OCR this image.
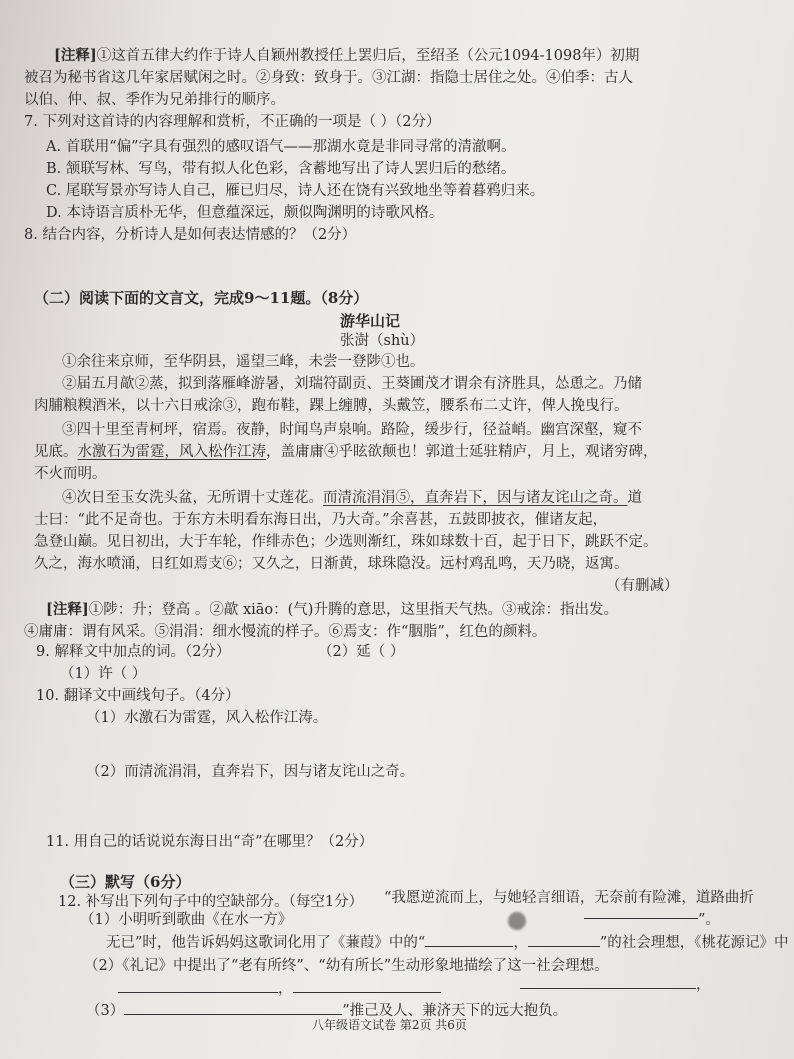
[注释]①这首五律大约作于诗人自颖州教授任上罢归后，至绍圣（公元1094-1098年）初期
被召为秘书省这几年家居赋闲之时。②身致：致身于。③江湖：指隐士居住之处。④伯季：古人
以伯、仲、叔、季作为兄弟排行的顺序。
7. 下列对这首诗的内容理解和赏析，不正确的一项是（ ）（2分）
A. 首联用“偏”字具有强烈的感叹语气——那湖水竟是非同寻常的清澈啊。
B. 颔联写林、写鸟，带有拟人化色彩，含蓄地写出了诗人罢归后的愁绪。
C. 尾联写景亦写诗人自己，雁已归尽，诗人还在饶有兴致地坐等着暮鸦归来。
D. 本诗语言质朴无华，但意蕴深远，颇似陶渊明的诗歌风格。
8. 结合内容，分析诗人是如何表达情感的？（2分）
（二）阅读下面的文言文，完成9～11题。（8分）
游华山记
张澍（shù）
①余往来京师，至华阴县，遥望三峰，未尝一登陟①也。
②届五月歊②蒸，拟到落雁峰游暑，刘瑞符副贡、王葵圃茂才谓余有济胜具，怂恿之。乃储
肉脯粮糗酒米，以十六日戒涂③，跑布鞋，踝上缠膊，头戴笠，腰系布二丈许，俾人挽曳行。
③四十里至青柯坪，宿焉。夜静，时闻鸟声泉响。路险，缓步行，径益峭。幽宫深壑，窥不
见底。水激石为雷霆，风入松作江涛，盖庸庸④乎眩欲颠也！郭道士延驻精庐，月上，观诸穷碑，
不火而明。
④次日至玉女洗头盆，无所谓十丈莲花。而清流涓涓⑤，直奔岩下，因与诸友诧山之奇。道
士曰：“此不足奇也。于东方未明看东海日出，乃大奇。”余喜甚，五鼓即披衣，催诸友起，
急登山巅。见日初出，大于车轮，作绯赤色；少选则渐红，珠如球数十百，起于日下，跳跃不定。
久之，海水喷涌，日红如焉支⑥；又久之，日渐黄，球珠隐没。远村鸡乱鸣，天乃晓，返寓。
（有删减）
[注释]①陟：升；登高 。②歊 xiāo：(气)升腾的意思，这里指天气热。③戒涂：指出发。
④庸庸：谓有风采。⑤涓涓：细水慢流的样子。⑥焉支：作“胭脂”，红色的颜料。
9. 解释文中加点的词。（2分）	（2）延（ ）
（1）许（ ）
10. 翻译文中画线句子。（4分）
（1）水激石为雷霆，风入松作江涛。
（2）而清流涓涓，直奔岩下，因与诸友诧山之奇。
11. 用自己的话说说东海日出“奇”在哪里？（2分）
（三）默写（6分）
12. 补写出下列句子中的空缺部分。（每空1分） “我愿逆流而上，与她轻言细语，无奈前有险滩，道路曲折
（1）小明听到歌曲《在水一方》	”。
无已”时，他告诉妈妈这歌词化用了《蒹葭》中的“	，	”的社会理想，《桃花源记》中
（2）《礼记》中提出了“老有所终”、“幼有所长”生动形象地描绘了这一社会理想。
，	，
（3）	”推己及人、兼济天下的远大抱负。
八年级语文试卷 第2页 共6页
